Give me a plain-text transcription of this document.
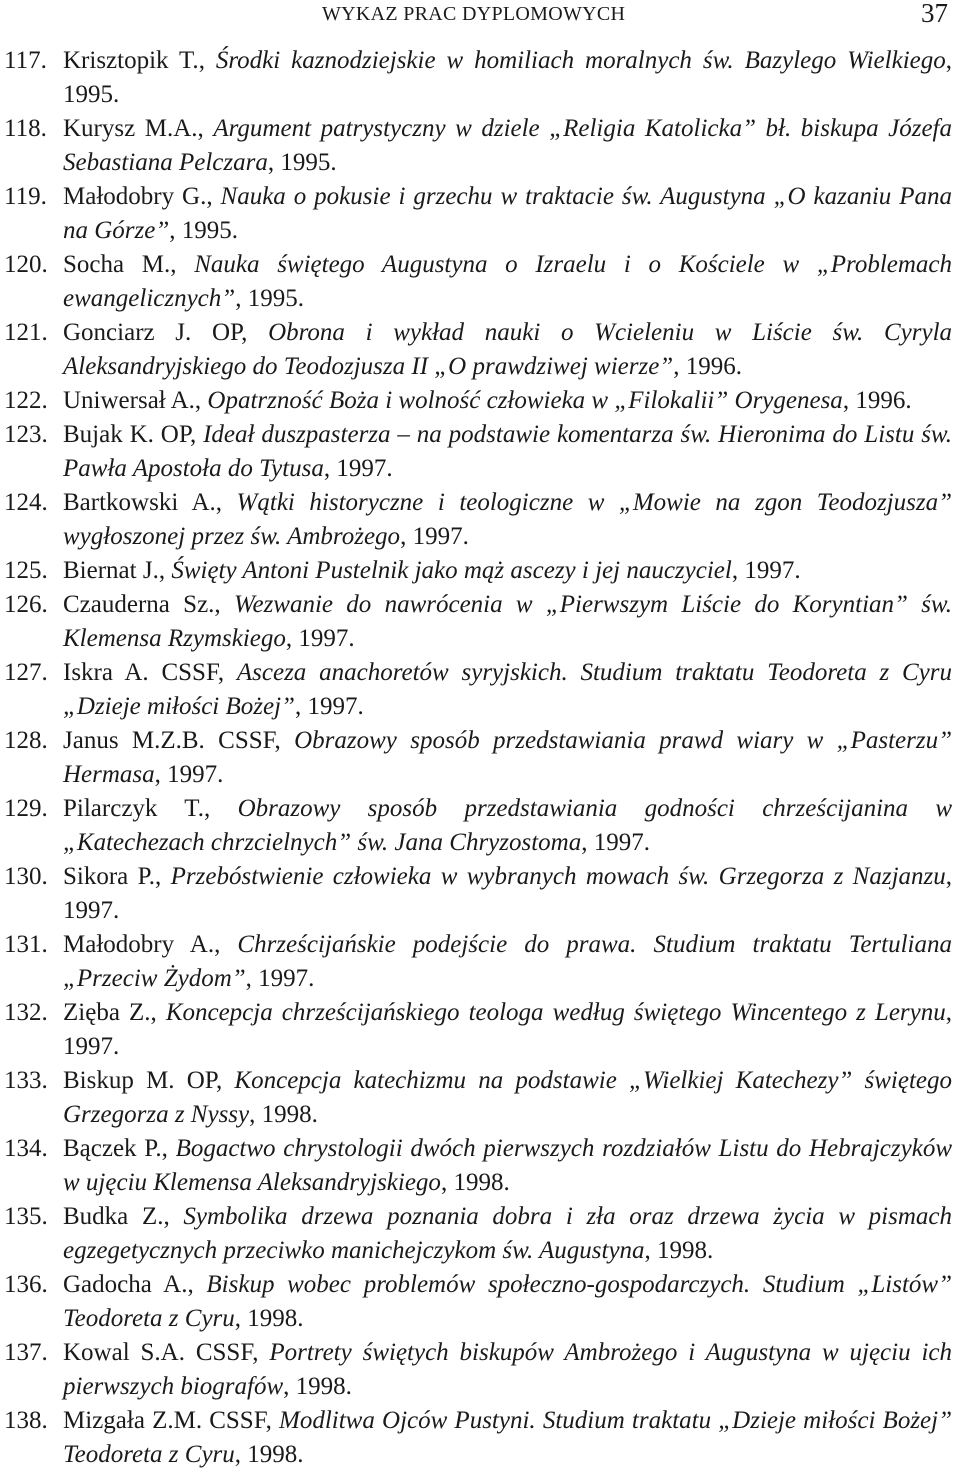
WYKAZ PRAC DYPLOMOWYCH	37
117. Krisztopik T., Środki kaznodziejskie w homiliach moralnych św. Bazylego Wielkiego, 1995.
118. Kurysz M.A., Argument patrystyczny w dziele „Religia Katolicka” bł. biskupa Józefa Sebastiana Pelczara, 1995.
119. Małodobry G., Nauka o pokusie i grzechu w traktacie św. Augustyna „O kazaniu Pana na Górze”, 1995.
120. Socha M., Nauka świętego Augustyna o Izraelu i o Kościele w „Problemach ewangelicznych”, 1995.
121. Gonciarz J. OP, Obrona i wykład nauki o Wcieleniu w Liście św. Cyryla Aleksandryjskiego do Teodozjusza II „O prawdziwej wierze”, 1996.
122. Uniwersał A., Opatrzność Boża i wolność człowieka w „Filokalii” Orygenesa, 1996.
123. Bujak K. OP, Ideał duszpasterza – na podstawie komentarza św. Hieronima do Listu św. Pawła Apostoła do Tytusa, 1997.
124. Bartkowski A., Wątki historyczne i teologiczne w „Mowie na zgon Teodozjusza” wygłoszonej przez św. Ambrożego, 1997.
125. Biernat J., Święty Antoni Pustelnik jako mąż ascezy i jej nauczyciel, 1997.
126. Czauderna Sz., Wezwanie do nawrócenia w „Pierwszym Liście do Koryntian” św. Klemensa Rzymskiego, 1997.
127. Iskra A. CSSF, Asceza anachoretów syryjskich. Studium traktatu Teodoreta z Cyru „Dzieje miłości Bożej”, 1997.
128. Janus M.Z.B. CSSF, Obrazowy sposób przedstawiania prawd wiary w „Pasterzu” Hermasa, 1997.
129. Pilarczyk T., Obrazowy sposób przedstawiania godności chrześcijanina w „Katechezach chrzcielnych” św. Jana Chryzostoma, 1997.
130. Sikora P., Przebóstwienie człowieka w wybranych mowach św. Grzegorza z Nazjanzu, 1997.
131. Małodobry A., Chrześcijańskie podejście do prawa. Studium traktatu Tertuliana „Przeciw Żydom”, 1997.
132. Zięba Z., Koncepcja chrześcijańskiego teologa według świętego Wincentego z Lerynu, 1997.
133. Biskup M. OP, Koncepcja katechizmu na podstawie „Wielkiej Katechezy” świętego Grzegorza z Nyssy, 1998.
134. Bączek P., Bogactwo chrystologii dwóch pierwszych rozdziałów Listu do Hebrajczyków w ujęciu Klemensa Aleksandryjskiego, 1998.
135. Budka Z., Symbolika drzewa poznania dobra i zła oraz drzewa życia w pismach egzegetycznych przeciwko manichejczykom św. Augustyna, 1998.
136. Gadocha A., Biskup wobec problemów społeczno-gospodarczych. Studium „Listów” Teodoreta z Cyru, 1998.
137. Kowal S.A. CSSF, Portrety świętych biskupów Ambrożego i Augustyna w ujęciu ich pierwszych biografów, 1998.
138. Mizgała Z.M. CSSF, Modlitwa Ojców Pustyni. Studium traktatu „Dzieje miłości Bożej” Teodoreta z Cyru, 1998.
